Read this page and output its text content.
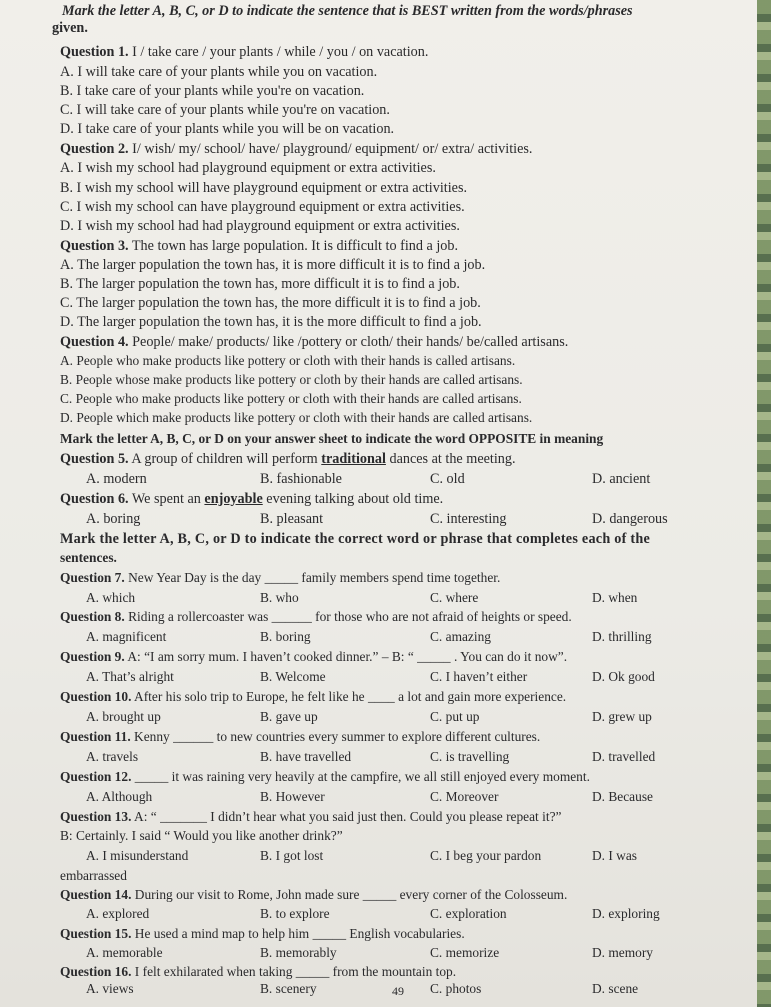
Mark the letter A, B, C, or D to indicate the sentence that is BEST written from the words/phrases
given.
Question 1. I / take care / your plants / while / you / on vacation.
A. I will take care of your plants while you on vacation.
B. I take care of your plants while you're on vacation.
C. I will take care of your plants while you're on vacation.
D. I take care of your plants while you will be on vacation.
Question 2. I/ wish/ my/ school/ have/ playground/ equipment/ or/ extra/ activities.
A. I wish my school had playground equipment or extra activities.
B. I wish my school will have playground equipment or extra activities.
C. I wish my school can have playground equipment or extra activities.
D. I wish my school had had playground equipment or extra activities.
Question 3. The town has large population. It is difficult to find a job.
A. The larger population the town has, it is more difficult it is to find a job.
B. The larger population the town has, more difficult it is to find a job.
C. The larger population the town has, the more difficult it is to find a job.
D. The larger population the town has, it is the more difficult to find a job.
Question 4. People/ make/ products/ like /pottery or cloth/ their hands/ be/called artisans.
A. People who make products like pottery or cloth with their hands is called artisans.
B. People whose make products like pottery or cloth by their hands are called artisans.
C. People who make products like pottery or cloth with their hands are called artisans.
D. People which make products like pottery or cloth with their hands are called artisans.
Mark the letter A, B, C, or D on your answer sheet to indicate the word OPPOSITE in meaning
Question 5. A group of children will perform traditional dances at the meeting.
A. modern	B. fashionable	C. old	D. ancient
Question 6. We spent an enjoyable evening talking about old time.
A. boring	B. pleasant	C. interesting	D. dangerous
Mark the letter A, B, C, or D to indicate the correct word or phrase that completes each of the
sentences.
Question 7. New Year Day is the day _____ family members spend time together.
A. which	B. who	C. where	D. when
Question 8. Riding a rollercoaster was ______ for those who are not afraid of heights or speed.
A. magnificent	B. boring	C. amazing	D. thrilling
Question 9. A: “I am sorry mum. I haven’t cooked dinner.” – B: “ _____ . You can do it now”.
A. That’s alright	B. Welcome	C. I haven’t either	D. Ok good
Question 10. After his solo trip to Europe, he felt like he ____ a lot and gain more experience.
A. brought up	B. gave up	C. put up	D. grew up
Question 11. Kenny ______ to new countries every summer to explore different cultures.
A. travels	B. have travelled	C. is travelling	D. travelled
Question 12. _____ it was raining very heavily at the campfire, we all still enjoyed every moment.
A. Although	B. However	C. Moreover	D. Because
Question 13. A: “ _______ I didn’t hear what you said just then. Could you please repeat it?”
B: Certainly. I said “ Would you like another drink?”
A. I misunderstand	B. I got lost	C. I beg your pardon	D. I was
embarrassed
Question 14. During our visit to Rome, John made sure _____ every corner of the Colosseum.
A. explored	B. to explore	C. exploration	D. exploring
Question 15. He used a mind map to help him _____ English vocabularies.
A. memorable	B. memorably	C. memorize	D. memory
Question 16. I felt exhilarated when taking _____ from the mountain top.
A. views	B. scenery	C. photos	D. scene
49
